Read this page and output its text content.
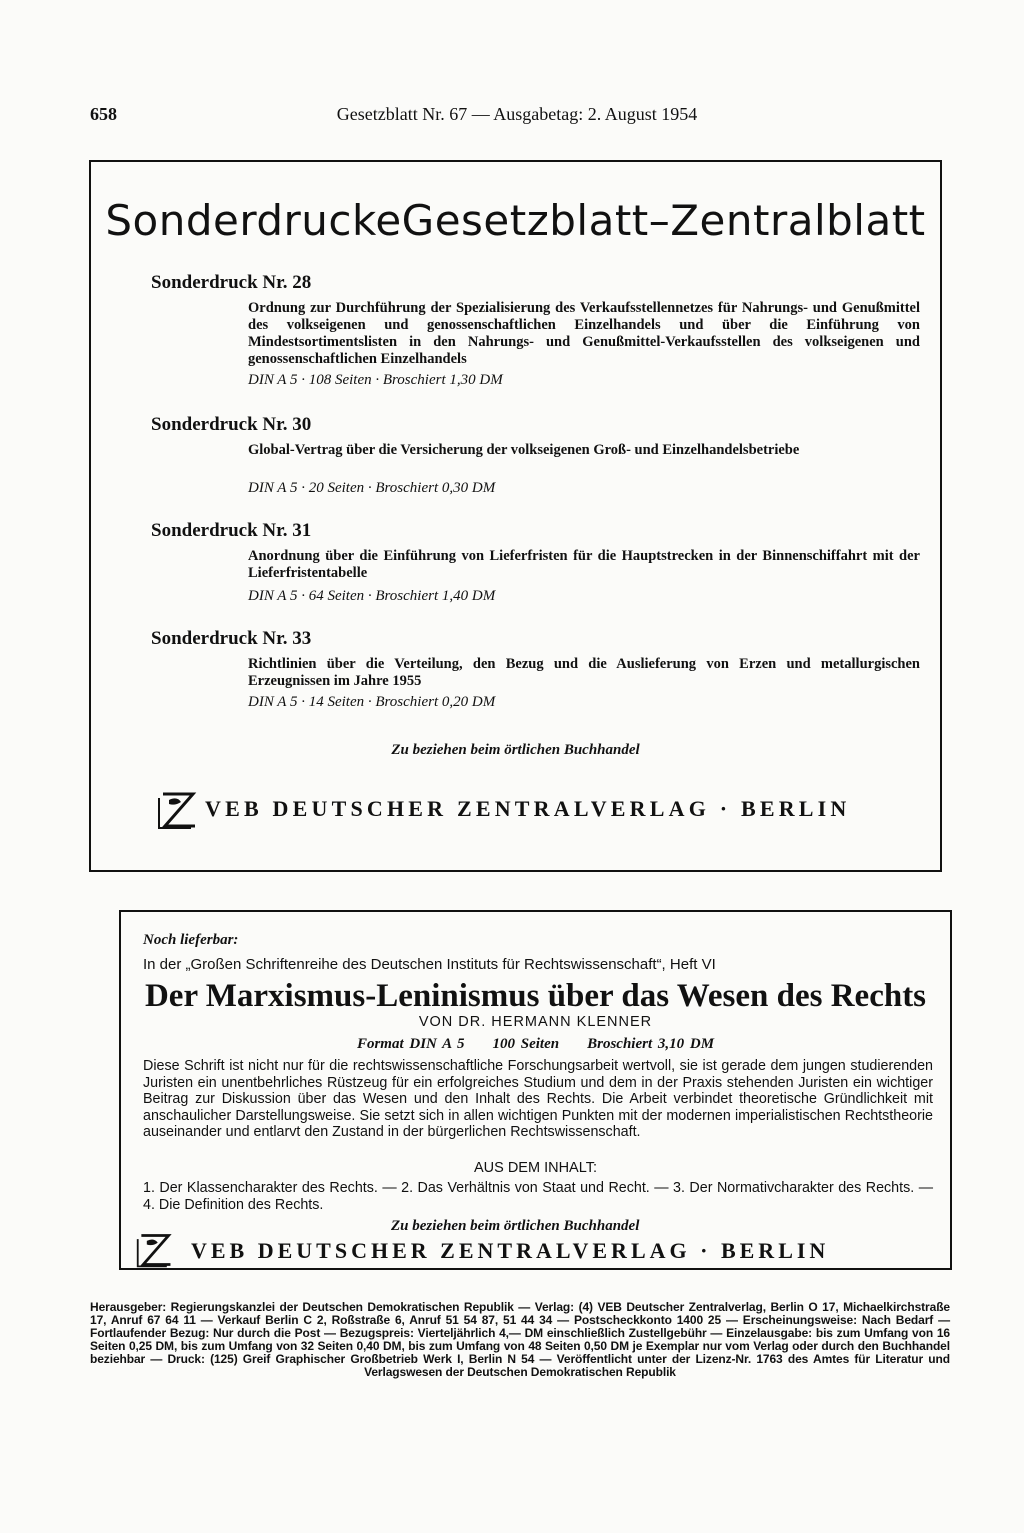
658	Gesetzblatt Nr. 67 — Ausgabetag: 2. August 1954
SonderdruckeGesetzblatt–Zentralblatt
Sonderdruck Nr. 28
Ordnung zur Durchführung der Spezialisierung des Verkaufsstellennetzes für Nahrungs- und Genußmittel des volkseigenen und genossenschaftlichen Einzelhandels und über die Einführung von Mindestsortimentslisten in den Nahrungs- und Genußmittel-Verkaufsstellen des volkseigenen und genossenschaftlichen Einzelhandels
DIN A 5 · 108 Seiten · Broschiert 1,30 DM
Sonderdruck Nr. 30
Global-Vertrag über die Versicherung der volkseigenen Groß- und Einzelhandelsbetriebe
DIN A 5 · 20 Seiten · Broschiert 0,30 DM
Sonderdruck Nr. 31
Anordnung über die Einführung von Lieferfristen für die Hauptstrecken in der Binnenschiffahrt mit der Lieferfristentabelle
DIN A 5 · 64 Seiten · Broschiert 1,40 DM
Sonderdruck Nr. 33
Richtlinien über die Verteilung, den Bezug und die Auslieferung von Erzen und metallurgischen Erzeugnissen im Jahre 1955
DIN A 5 · 14 Seiten · Broschiert 0,20 DM
Zu beziehen beim örtlichen Buchhandel
VEB DEUTSCHER ZENTRALVERLAG · BERLIN
Noch lieferbar:
In der „Großen Schriftenreihe des Deutschen Instituts für Rechtswissenschaft“, Heft VI
Der Marxismus-Leninismus über das Wesen des Rechts
VON DR. HERMANN KLENNER
Format DIN A 5 100 Seiten Broschiert 3,10 DM
Diese Schrift ist nicht nur für die rechtswissenschaftliche Forschungsarbeit wertvoll, sie ist gerade dem jungen studierenden Juristen ein unentbehrliches Rüstzeug für ein erfolgreiches Studium und dem in der Praxis stehenden Juristen ein wichtiger Beitrag zur Diskussion über das Wesen und den Inhalt des Rechts. Die Arbeit verbindet theoretische Gründlichkeit mit anschaulicher Darstellungsweise. Sie setzt sich in allen wichtigen Punkten mit der modernen imperialistischen Rechtstheorie auseinander und entlarvt den Zustand in der bürgerlichen Rechtswissenschaft.
AUS DEM INHALT:
1. Der Klassencharakter des Rechts. — 2. Das Verhältnis von Staat und Recht. — 3. Der Normativcharakter des Rechts. — 4. Die Definition des Rechts.
Zu beziehen beim örtlichen Buchhandel
VEB DEUTSCHER ZENTRALVERLAG · BERLIN
Herausgeber: Regierungskanzlei der Deutschen Demokratischen Republik — Verlag: (4) VEB Deutscher Zentralverlag, Berlin O 17, Michaelkirchstraße 17, Anruf 67 64 11 — Verkauf Berlin C 2, Roßstraße 6, Anruf 51 54 87, 51 44 34 — Postscheckkonto 1400 25 — Erscheinungsweise: Nach Bedarf — Fortlaufender Bezug: Nur durch die Post — Bezugspreis: Vierteljährlich 4,— DM einschließlich Zustellgebühr — Einzelausgabe: bis zum Umfang von 16 Seiten 0,25 DM, bis zum Umfang von 32 Seiten 0,40 DM, bis zum Umfang von 48 Seiten 0,50 DM je Exemplar nur vom Verlag oder durch den Buchhandel beziehbar — Druck: (125) Greif Graphischer Großbetrieb Werk I, Berlin N 54 — Veröffentlicht unter der Lizenz-Nr. 1763 des Amtes für Literatur und Verlagswesen der Deutschen Demokratischen Republik
